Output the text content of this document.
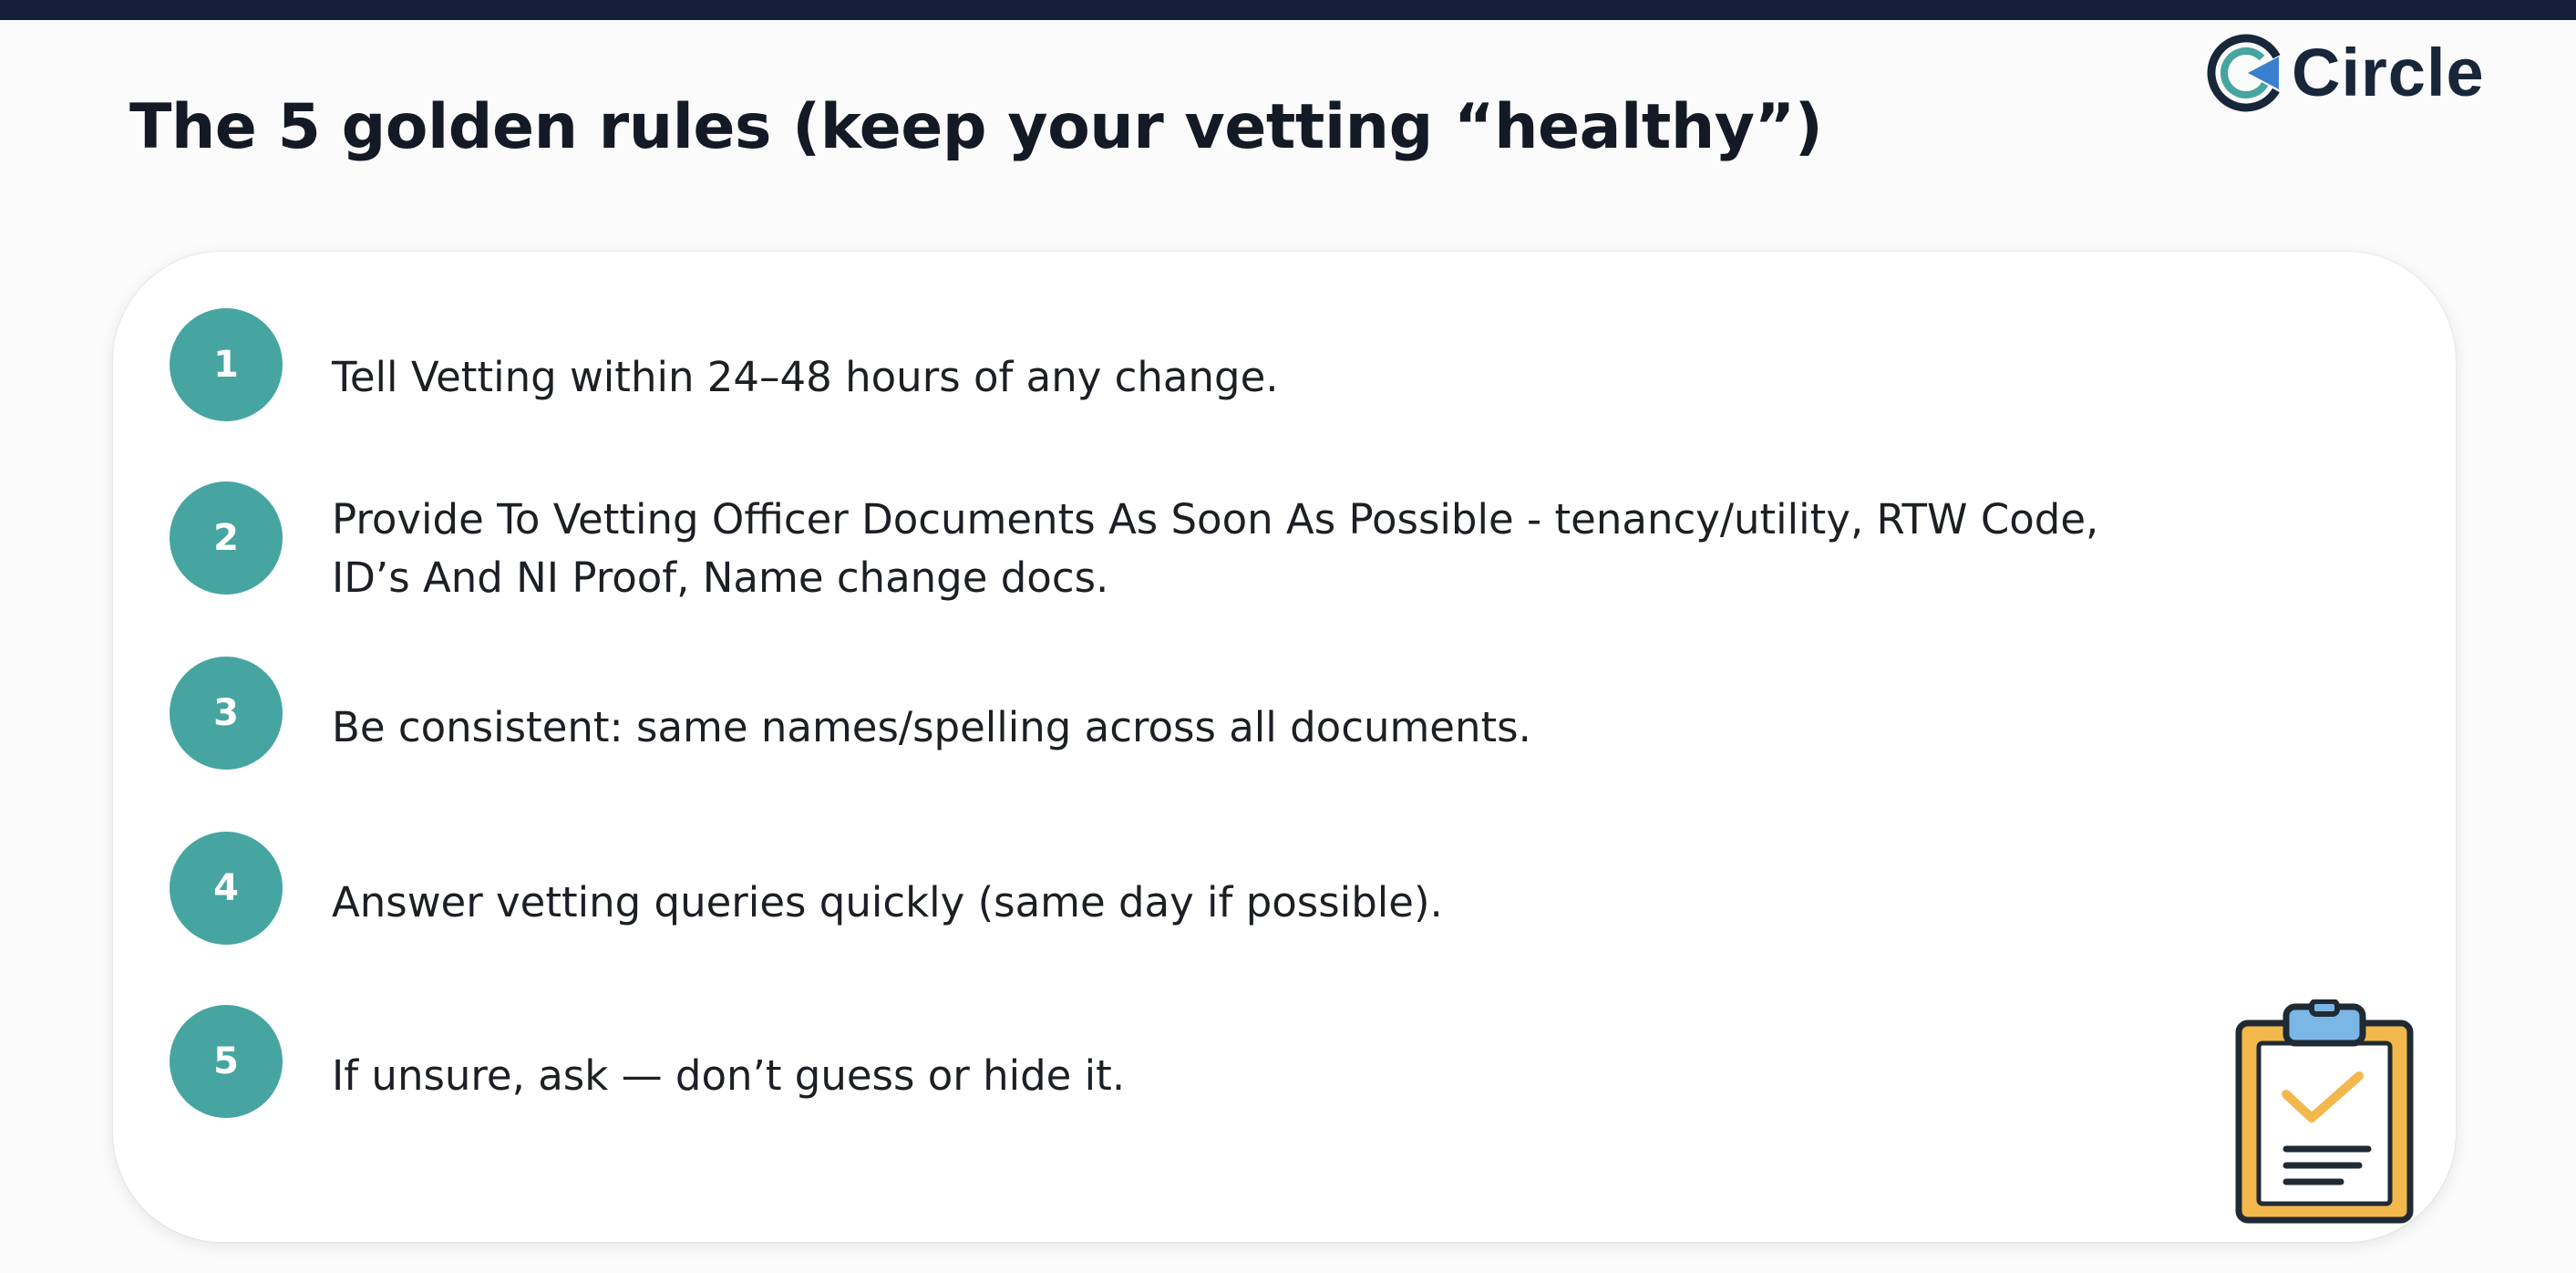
Circle
The 5 golden rules (keep your vetting “healthy”)
1	Tell Vetting within 24–48 hours of any change.
2	Provide To Vetting Officer Documents As Soon As Possible - tenancy/utility, RTW Code,
ID’s And NI Proof, Name change docs.
3	Be consistent: same names/spelling across all documents.
4	Answer vetting queries quickly (same day if possible).
5	If unsure, ask — don’t guess or hide it.
